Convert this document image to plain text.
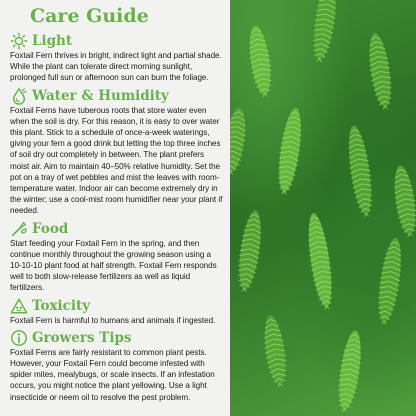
Care Guide
Light

Foxtail Fern thrives in bright, indirect light and partial shade. While the plant can tolerate direct morning sunlight, prolonged full sun or afternoon sun can burn the foliage.

Water & Humidity

Foxtail Ferns have tuberous roots that store water even when the soil is dry. For this reason, it is easy to over water this plant. Stick to a schedule of once-a-week waterings, giving your fern a good drink but letting the top three inches of soil dry out completely in between. The plant prefers moist air. Aim to maintain 40–50% relative humidity. Set the pot on a tray of wet pebbles and mist the leaves with room-temperature water. Indoor air can become extremely dry in the winter; use a cool-mist room humidifier near your plant if needed.

Food

Start feeding your Foxtail Fern in the spring, and then continue monthly throughout the growing season using a 10-10-10 plant food at half strength. Foxtail Fern responds well to both slow-release fertilizers as well as liquid fertilizers.

Toxicity

Foxtail Fern is harmful to humans and animals if ingested.

Growers Tips

Foxtail Ferns are fairly resistant to common plant pests. However, your Foxtail Fern could become infested with spider mites, mealybugs, or scale insects. If an infestation occurs, you might notice the plant yellowing. Use a light insecticide or neem oil to resolve the pest problem.
